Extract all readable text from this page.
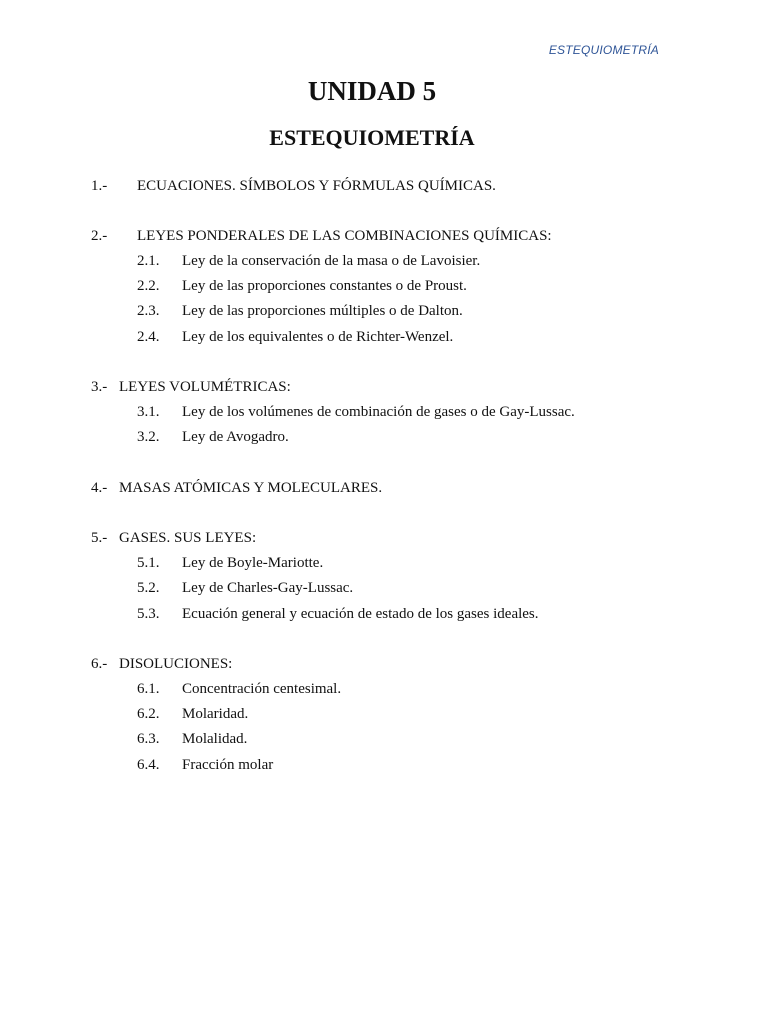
ESTEQUIOMETRÍA
UNIDAD 5
ESTEQUIOMETRÍA
1.- ECUACIONES. SÍMBOLOS Y FÓRMULAS QUÍMICAS.
2.- LEYES PONDERALES DE LAS COMBINACIONES QUÍMICAS:
2.1. Ley de la conservación de la masa o de Lavoisier.
2.2. Ley de las proporciones constantes o de Proust.
2.3. Ley de las proporciones múltiples o de Dalton.
2.4. Ley de los equivalentes o de Richter-Wenzel.
3.- LEYES VOLUMÉTRICAS:
3.1. Ley de los volúmenes de combinación de gases o de Gay-Lussac.
3.2. Ley de Avogadro.
4.- MASAS ATÓMICAS Y MOLECULARES.
5.- GASES. SUS LEYES:
5.1. Ley de Boyle-Mariotte.
5.2. Ley de Charles-Gay-Lussac.
5.3. Ecuación general y ecuación de estado de los gases ideales.
6.- DISOLUCIONES:
6.1. Concentración centesimal.
6.2. Molaridad.
6.3. Molalidad.
6.4. Fracción molar
